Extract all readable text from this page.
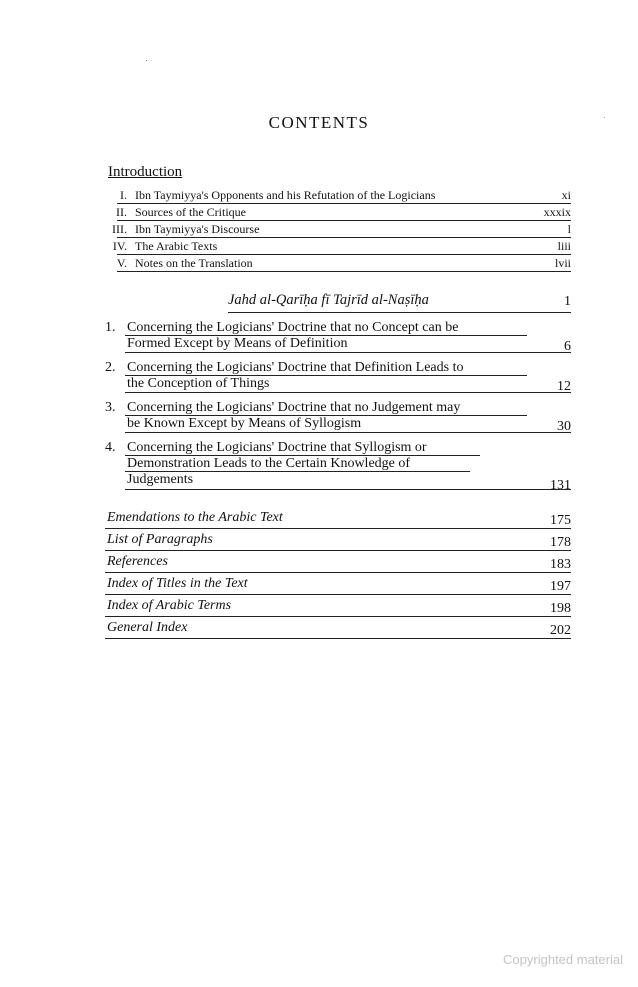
CONTENTS
Introduction
I. Ibn Taymiyya's Opponents and his Refutation of the Logicians	xi
II. Sources of the Critique	xxxix
III. Ibn Taymiyya's Discourse	l
IV. The Arabic Texts	liii
V. Notes on the Translation	lvii
Jahd al-Qarīḥa fī Tajrīd al-Naṣīḥa	1
1. Concerning the Logicians' Doctrine that no Concept can be
Formed Except by Means of Definition	6
2. Concerning the Logicians' Doctrine that Definition Leads to
the Conception of Things	12
3. Concerning the Logicians' Doctrine that no Judgement may
be Known Except by Means of Syllogism	30
4. Concerning the Logicians' Doctrine that Syllogism or
Demonstration Leads to the Certain Knowledge of
Judgements	131
Emendations to the Arabic Text	175
List of Paragraphs	178
References	183
Index of Titles in the Text	197
Index of Arabic Terms	198
General Index	202
Copyrighted material
